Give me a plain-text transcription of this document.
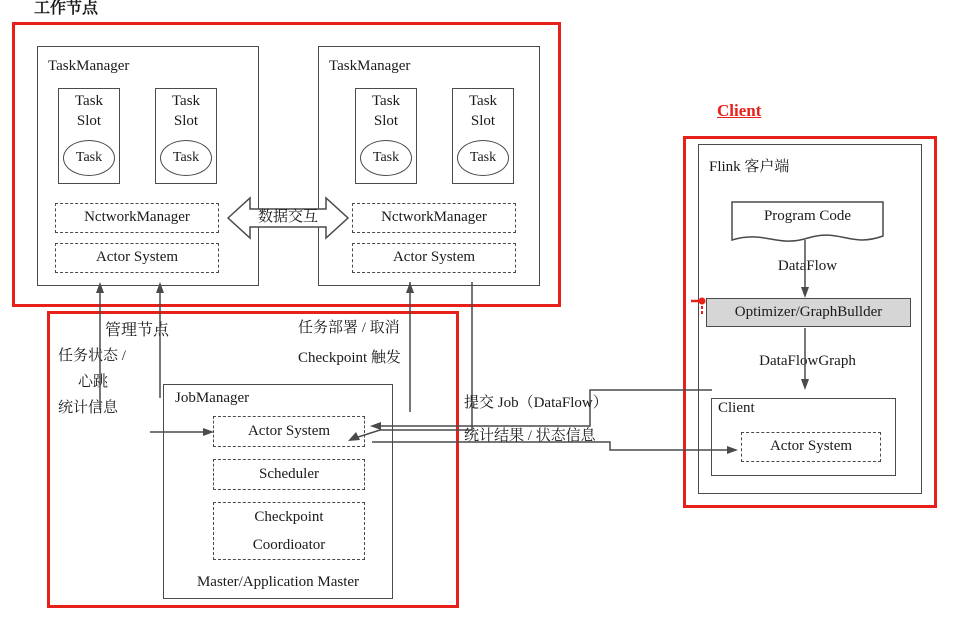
工作节点
TaskManager
Task
Slot
Task
Task
Slot
Task
NctworkManager
Actor System
TaskManager
Task
Slot
Task
Task
Slot
Task
NctworkManager
Actor System
数据交互
JobManager
Actor System
Scheduler
Checkpoint
Coordioator
Master/Application Master
管理节点
任务状态 /
心跳
统计信息
任务部署 / 取消
Checkpoint 触发
Client
Flink 客户端
Program Code
DataFlow
Optimizer/GraphBullder
DataFlowGraph
Client
Actor System
提交 Job（DataFlow）
统计结果 / 状态信息
